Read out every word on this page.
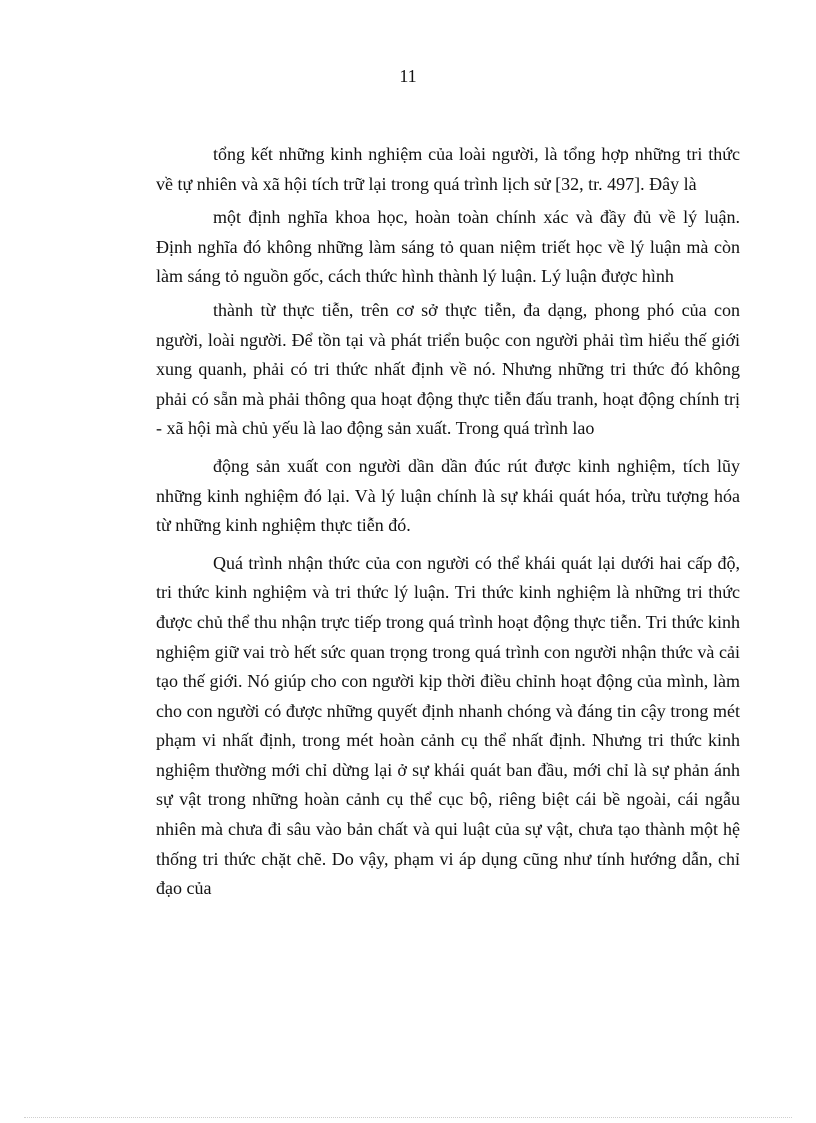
11

tổng kết những kinh nghiệm của loài người, là tổng hợp những tri thức về tự nhiên và xã hội tích trữ lại trong quá trình lịch sử [32, tr. 497]. Đây là

một định nghĩa khoa học, hoàn toàn chính xác và đầy đủ về lý luận. Định nghĩa đó không những làm sáng tỏ quan niệm triết học về lý luận mà còn làm sáng tỏ nguồn gốc, cách thức hình thành lý luận. Lý luận được hình

thành từ thực tiễn, trên cơ sở thực tiễn, đa dạng, phong phó của con người, loài người. Để tồn tại và phát triển buộc con người phải tìm hiểu thế giới xung quanh, phải có tri thức nhất định về nó. Nhưng những tri thức đó không phải có sẵn mà phải thông qua hoạt động thực tiễn đấu tranh, hoạt động chính trị - xã hội mà chủ yếu là lao động sản xuất. Trong quá trình lao

động sản xuất con người dần dần đúc rút được kinh nghiệm, tích lũy những kinh nghiệm đó lại. Và lý luận chính là sự khái quát hóa, trừu tượng hóa từ những kinh nghiệm thực tiễn đó.

Quá trình nhận thức của con người có thể khái quát lại dưới hai cấp độ, tri thức kinh nghiệm và tri thức lý luận. Tri thức kinh nghiệm là những tri thức được chủ thể thu nhận trực tiếp trong quá trình hoạt động thực tiễn. Tri thức kinh nghiệm giữ vai trò hết sức quan trọng trong quá trình con người nhận thức và cải tạo thế giới. Nó giúp cho con người kịp thời điều chỉnh hoạt động của mình, làm cho con người có được những quyết định nhanh chóng và đáng tin cậy trong mét phạm vi nhất định, trong mét hoàn cảnh cụ thể nhất định. Nhưng tri thức kinh nghiệm thường mới chỉ dừng lại ở sự khái quát ban đầu, mới chỉ là sự phản ánh sự vật trong những hoàn cảnh cụ thể cục bộ, riêng biệt cái bề ngoài, cái ngẫu nhiên mà chưa đi sâu vào bản chất và qui luật của sự vật, chưa tạo thành một hệ thống tri thức chặt chẽ. Do vậy, phạm vi áp dụng cũng như tính hướng dẫn, chỉ đạo của
